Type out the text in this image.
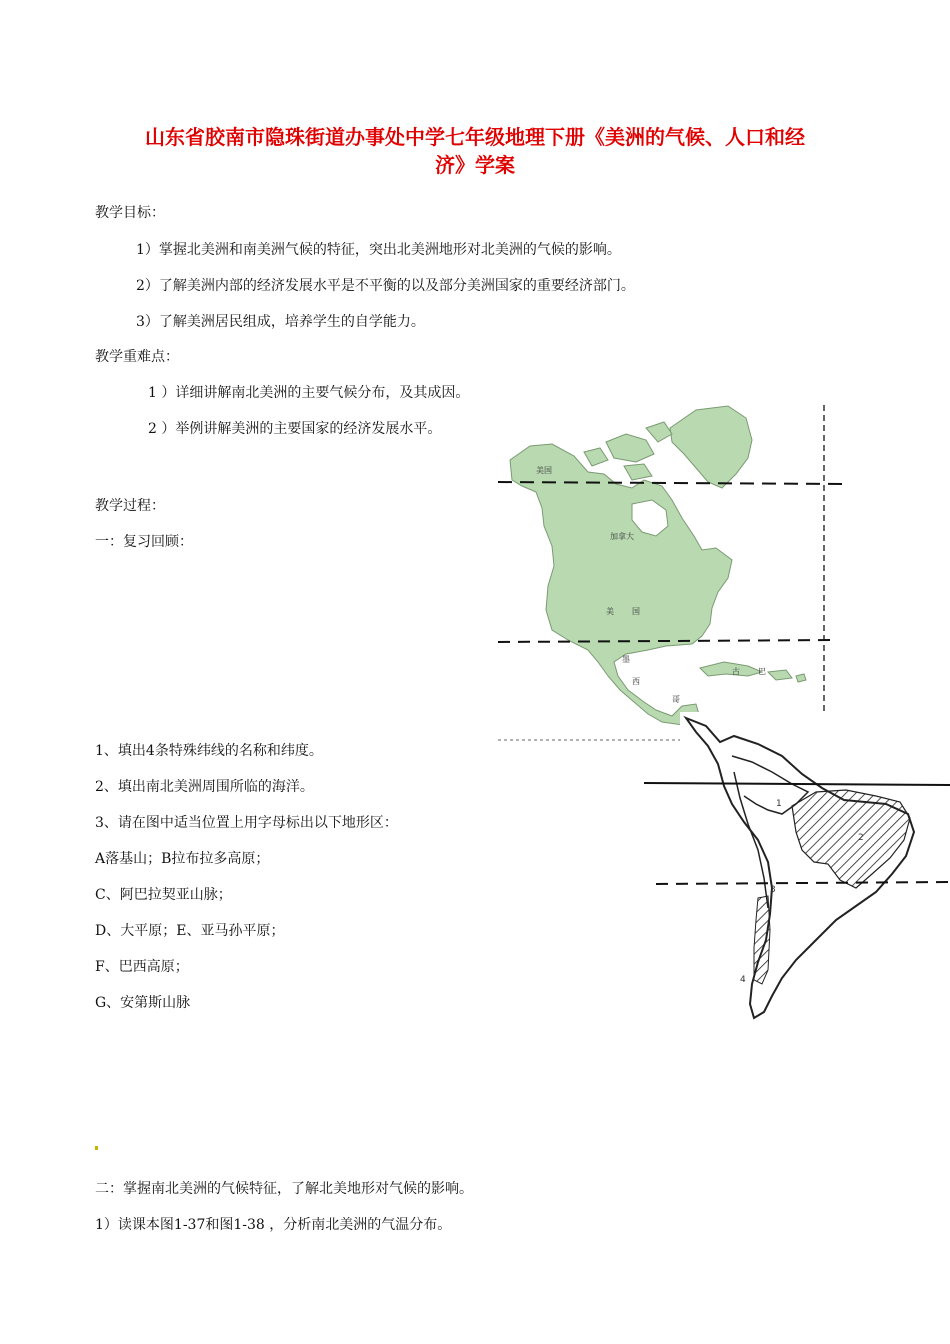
山东省胶南市隐珠街道办事处中学七年级地理下册《美洲的气候、人口和经
济》学案
教学目标：
1）掌握北美洲和南美洲气候的特征，突出北美洲地形对北美洲的气候的影响。
2）了解美洲内部的经济发展水平是不平衡的以及部分美洲国家的重要经济部门。
3）了解美洲居民组成，培养学生的自学能力。
教学重难点：
1 ）详细讲解南北美洲的主要气候分布，及其成因。
2 ）举例讲解美洲的主要国家的经济发展水平。
教学过程：
一：复习回顾：
1、填出4条特殊纬线的名称和纬度。
2、填出南北美洲周围所临的海洋。
3、请在图中适当位置上用字母标出以下地形区：
A落基山；B拉布拉多高原；
C、阿巴拉契亚山脉；
D、大平原；E、亚马孙平原；
F、巴西高原；
G、安第斯山脉
二：掌握南北美洲的气候特征，了解北美地形对气候的影响。
1）读课本图1-37和图1-38 ，分析南北美洲的气温分布。
美国
加拿大
美 国
墨
西
哥
古 巴
1
2
3
4
